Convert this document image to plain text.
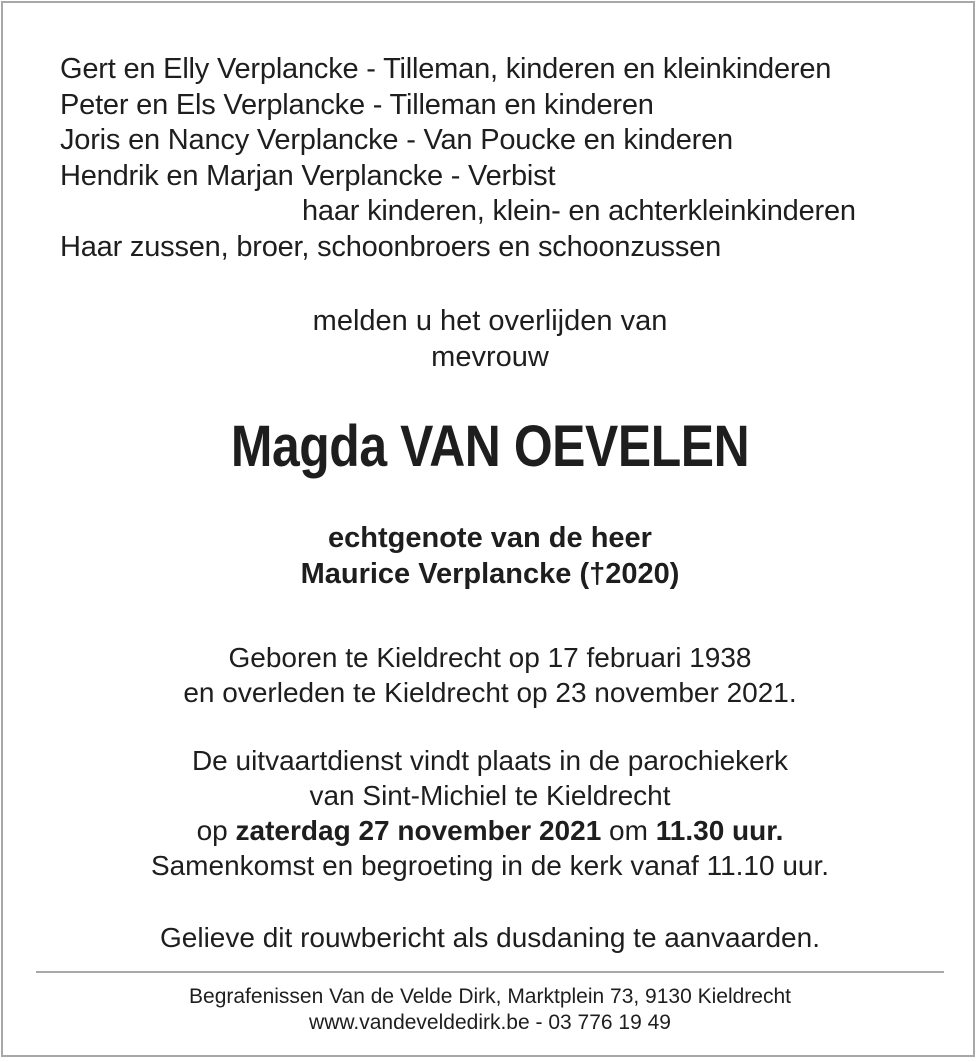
Gert en Elly Verplancke - Tilleman, kinderen en kleinkinderen
Peter en Els Verplancke - Tilleman en kinderen
Joris en Nancy Verplancke - Van Poucke en kinderen
Hendrik en Marjan Verplancke - Verbist
haar kinderen, klein- en achterkleinkinderen
Haar zussen, broer, schoonbroers en schoonzussen
melden u het overlijden van
mevrouw
Magda VAN OEVELEN
echtgenote van de heer
Maurice Verplancke (†2020)
Geboren te Kieldrecht op 17 februari 1938
en overleden te Kieldrecht op 23 november 2021.
De uitvaartdienst vindt plaats in de parochiekerk
van Sint-Michiel te Kieldrecht
op zaterdag 27 november 2021 om 11.30 uur.
Samenkomst en begroeting in de kerk vanaf 11.10 uur.
Gelieve dit rouwbericht als dusdaning te aanvaarden.
Begrafenissen Van de Velde Dirk, Marktplein 73, 9130 Kieldrecht
www.vandeveldedirk.be - 03 776 19 49
